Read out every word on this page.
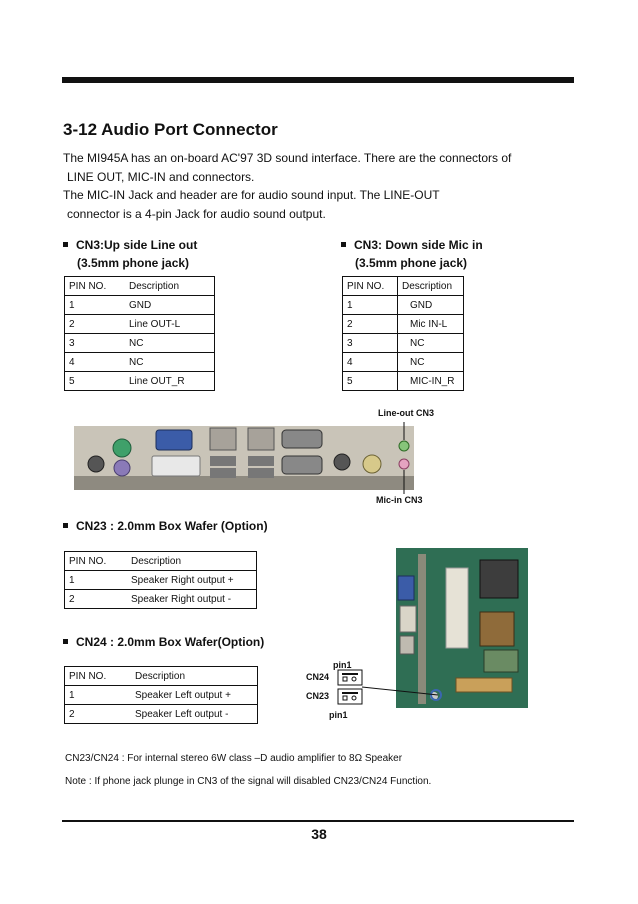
3-12 Audio Port Connector
The MI945A has an on-board AC'97 3D sound interface. There are the connectors of
LINE OUT, MIC-IN and connectors.
The MIC-IN Jack and header are for audio sound input. The LINE-OUT
connector is a 4-pin Jack for audio sound output.
CN3:Up side Line out
(3.5mm phone jack)
PIN NO.	Description
1	GND
2	Line OUT-L
3	NC
4	NC
5	Line OUT_R
CN3: Down side Mic in
(3.5mm phone jack)
PIN NO.	Description
1	GND
2	Mic IN-L
3	NC
4	NC
5	MIC-IN_R
Line-out CN3
Mic-in CN3
CN23 : 2.0mm Box Wafer (Option)
PIN NO.	Description
1	Speaker Right output +
2	Speaker Right output -
CN24 : 2.0mm Box Wafer(Option)
PIN NO.	Description
1	Speaker Left output +
2	Speaker Left output -
pin1
CN24
CN23
pin1
CN23/CN24 : For internal stereo 6W class –D audio amplifier to 8Ω Speaker
Note : If phone jack plunge in CN3 of the signal will disabled CN23/CN24 Function.
38
